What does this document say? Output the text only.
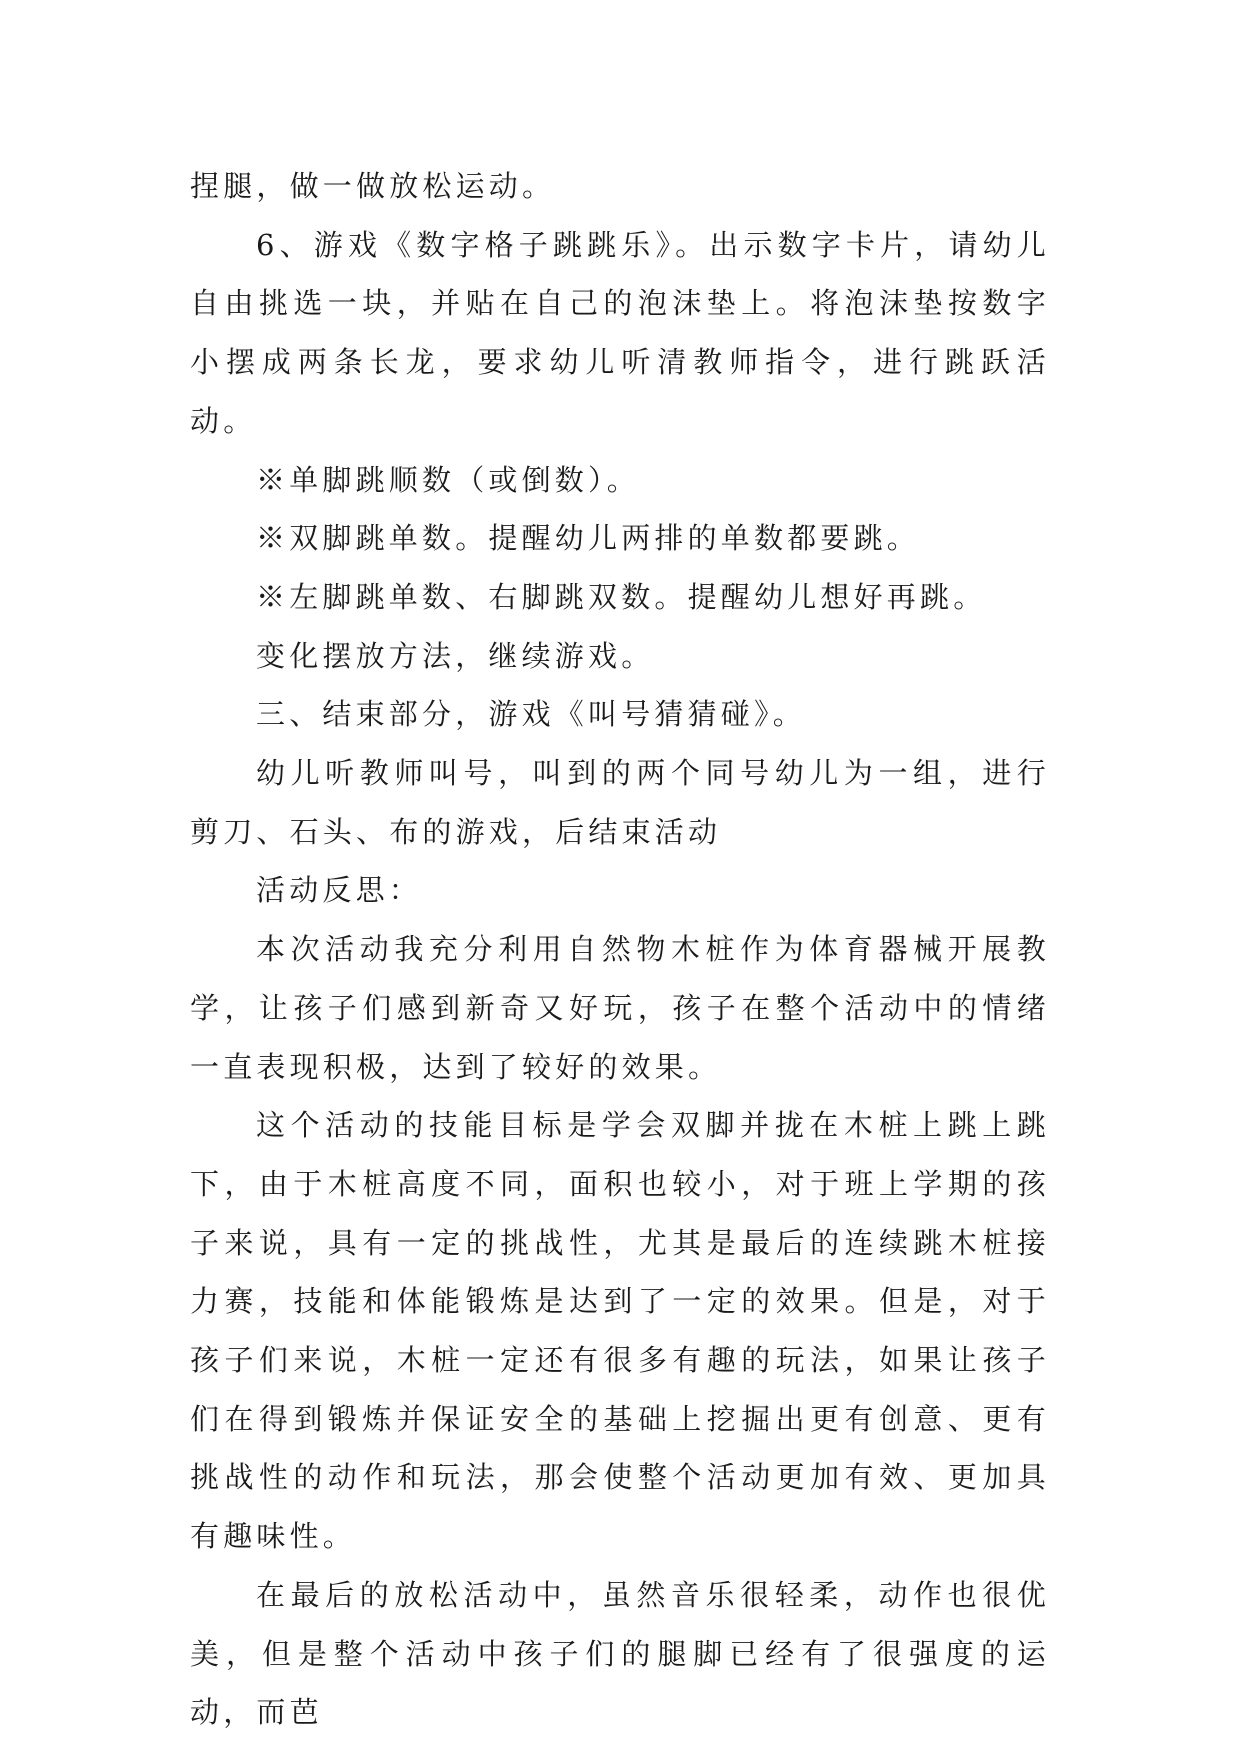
捏腿，做一做放松运动。

6、游戏《数字格子跳跳乐》。出示数字卡片，请幼儿自由挑选一块，并贴在自己的泡沫垫上。将泡沫垫按数字小摆成两条长龙，要求幼儿听清教师指令，进行跳跃活动。

※单脚跳顺数（或倒数）。

※双脚跳单数。提醒幼儿两排的单数都要跳。

※左脚跳单数、右脚跳双数。提醒幼儿想好再跳。

变化摆放方法，继续游戏。

三、结束部分，游戏《叫号猜猜碰》。

幼儿听教师叫号，叫到的两个同号幼儿为一组，进行剪刀、石头、布的游戏，后结束活动

活动反思：

本次活动我充分利用自然物木桩作为体育器械开展教学，让孩子们感到新奇又好玩，孩子在整个活动中的情绪一直表现积极，达到了较好的效果。

这个活动的技能目标是学会双脚并拢在木桩上跳上跳下，由于木桩高度不同，面积也较小，对于班上学期的孩子来说，具有一定的挑战性，尤其是最后的连续跳木桩接力赛，技能和体能锻炼是达到了一定的效果。但是，对于孩子们来说，木桩一定还有很多有趣的玩法，如果让孩子们在得到锻炼并保证安全的基础上挖掘出更有创意、更有挑战性的动作和玩法，那会使整个活动更加有效、更加具有趣味性。

在最后的放松活动中，虽然音乐很轻柔，动作也很优美，但是整个活动中孩子们的腿脚已经有了很强度的运动，而芭
